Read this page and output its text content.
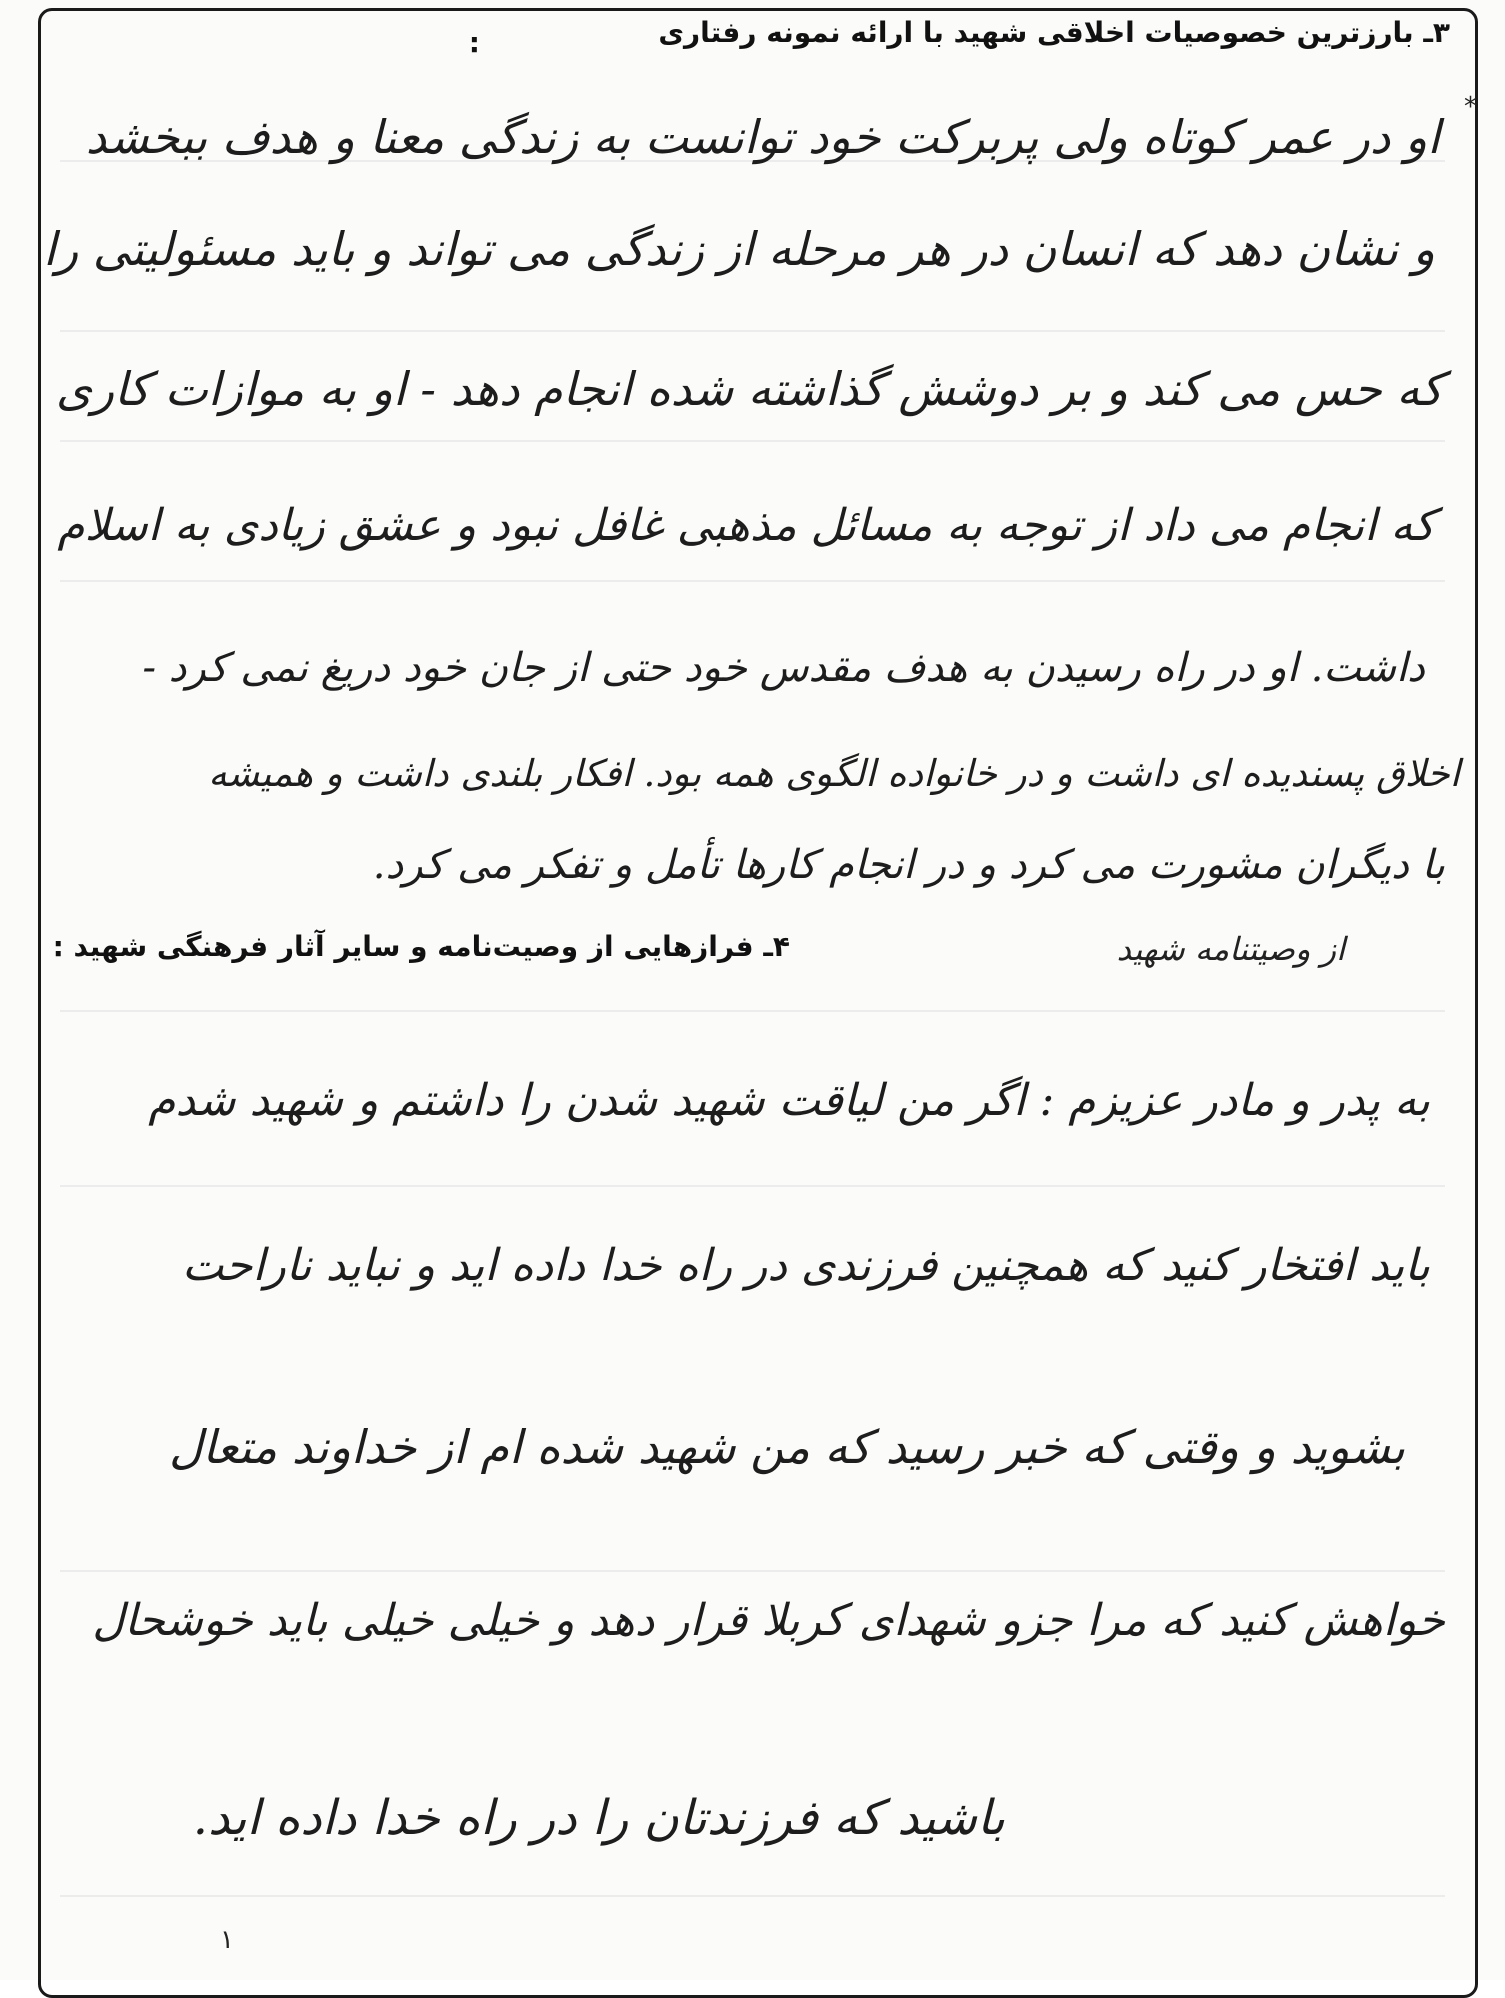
۳ـ بارزترین خصوصیات اخلاقی شهید با ارائه نمونه رفتاری
:
*
او در عمر کوتاه ولی پربرکت خود توانست به زندگی معنا و هدف ببخشد
و نشان دهد که انسان در هر مرحله از زندگی می تواند و باید مسئولیتی را
که حس می کند و بر دوشش گذاشته شده انجام دهد - او به موازات کاری
که انجام می داد از توجه به مسائل مذهبی غافل نبود و عشق زیادی به اسلام
داشت. او در راه رسیدن به هدف مقدس خود حتی از جان خود دریغ نمی کرد -
اخلاق پسندیده ای داشت و در خانواده الگوی همه بود. افکار بلندی داشت و همیشه
با دیگران مشورت می کرد و در انجام کارها تأمل و تفکر می کرد.
۴ـ فرازهایی از وصیت‌نامه و سایر آثار فرهنگی شهید :	از وصیتنامه شهید
به پدر و مادر عزیزم : اگر من لیاقت شهید شدن را داشتم و شهید شدم
باید افتخار کنید که همچنین فرزندی در راه خدا داده اید و نباید ناراحت
بشوید و وقتی که خبر رسید که من شهید شده ام از خداوند متعال
خواهش کنید که مرا جزو شهدای کربلا قرار دهد و خیلی خیلی باید خوشحال
باشید که فرزندتان را در راه خدا داده اید.
۱
